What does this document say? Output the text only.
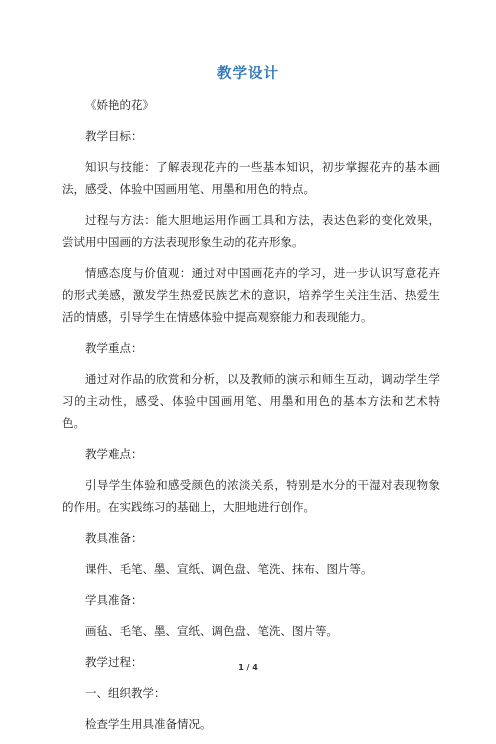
教学设计

《娇艳的花》

教学目标：

知识与技能：了解表现花卉的一些基本知识，初步掌握花卉的基本画法，感受、体验中国画用笔、用墨和用色的特点。

过程与方法：能大胆地运用作画工具和方法，表达色彩的变化效果，尝试用中国画的方法表现形象生动的花卉形象。

情感态度与价值观：通过对中国画花卉的学习，进一步认识写意花卉的形式美感，激发学生热爱民族艺术的意识，培养学生关注生活、热爱生活的情感，引导学生在情感体验中提高观察能力和表现能力。

教学重点：

通过对作品的欣赏和分析，以及教师的演示和师生互动，调动学生学习的主动性，感受、体验中国画用笔、用墨和用色的基本方法和艺术特色。

教学难点：

引导学生体验和感受颜色的浓淡关系，特别是水分的干湿对表现物象的作用。在实践练习的基础上，大胆地进行创作。

教具准备：

课件、毛笔、墨、宣纸、调色盘、笔洗、抹布、图片等。

学具准备：

画毡、毛笔、墨、宣纸、调色盘、笔洗、图片等。

教学过程：

一、组织教学：

检查学生用具准备情况。

1 / 4
